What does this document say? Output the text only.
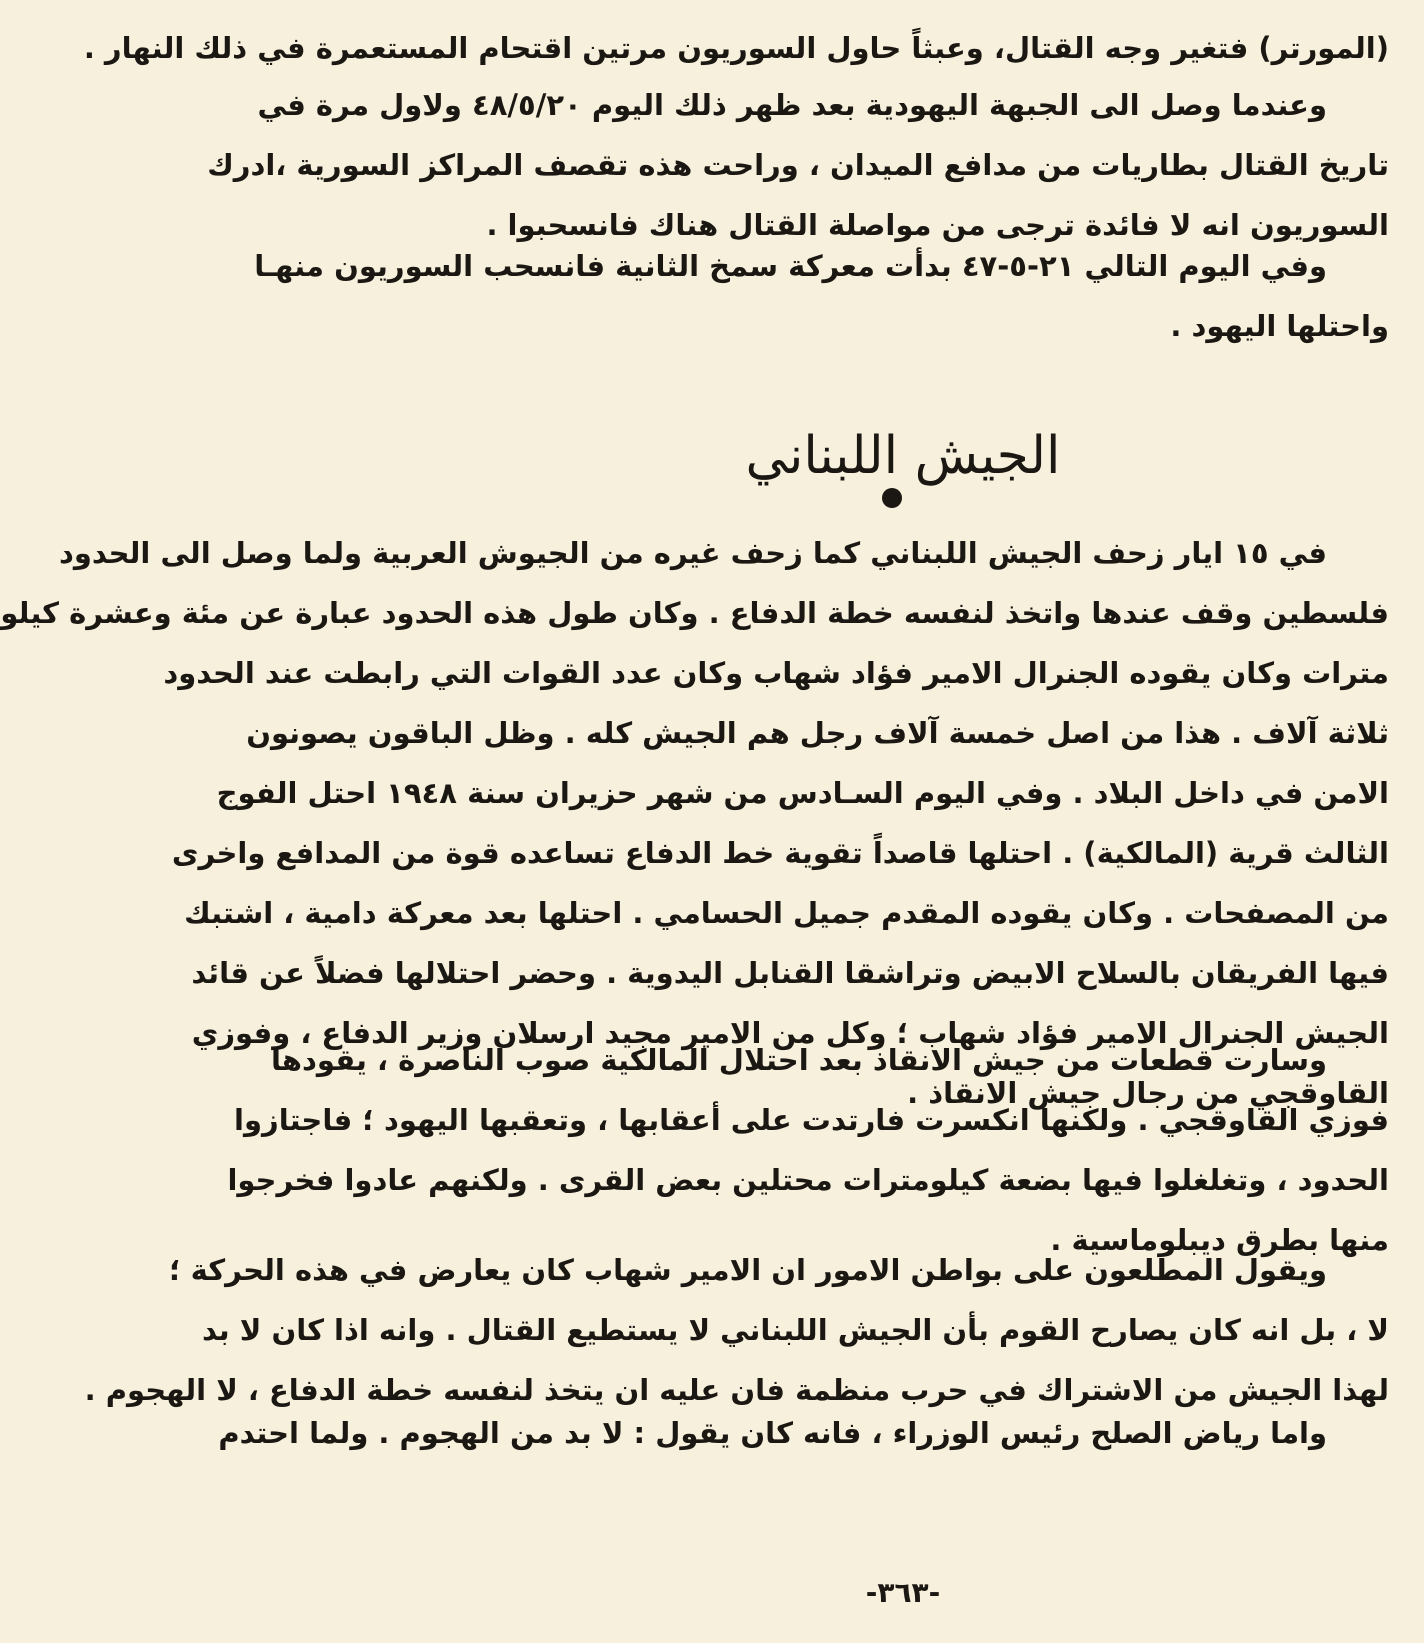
(المورتر) فتغير وجه القتال، وعبثاً حاول السوريون مرتين اقتحام المستعمرة في ذلك النهار .
وعندما وصل الى الجبهة اليهودية بعد ظهر ذلك اليوم ٤٨/٥/٢٠ ولاول مرة في
تاريخ القتال بطاريات من مدافع الميدان ، وراحت هذه تقصف المراكز السورية ،ادرك
السوريون انه لا فائدة ترجى من مواصلة القتال هناك فانسحبوا .
وفي اليوم التالي ٢١-٥-٤٧ بدأت معركة سمخ الثانية فانسحب السوريون منهـا
واحتلها اليهود .
الجيش اللبناني
في ١٥ ايار زحف الجيش اللبناني كما زحف غيره من الجيوش العربية ولما وصل الى الحدود
فلسطين وقف عندها واتخذ لنفسه خطة الدفاع . وكان طول هذه الحدود عبارة عن مئة وعشرة كيلو
مترات وكان يقوده الجنرال الامير فؤاد شهاب وكان عدد القوات التي رابطت عند الحدود
ثلاثة آلاف . هذا من اصل خمسة آلاف رجل هم الجيش كله . وظل الباقون يصونون
الامن في داخل البلاد . وفي اليوم السـادس من شهر حزيران سنة ١٩٤٨ احتل الفوج
الثالث قرية (المالكية) . احتلها قاصداً تقوية خط الدفاع تساعده قوة من المدافع واخرى
من المصفحات . وكان يقوده المقدم جميل الحسامي . احتلها بعد معركة دامية ، اشتبك
فيها الفريقان بالسلاح الابيض وتراشقا القنابل اليدوية . وحضر احتلالها فضلاً عن قائد
الجيش الجنرال الامير فؤاد شهاب ؛ وكل من الامير مجيد ارسلان وزير الدفاع ، وفوزي
القاوقجي من رجال جيش الانقاذ .
وسارت قطعات من جيش الانقاذ بعد احتلال المالكية صوب الناصرة ، يقودها
فوزي القاوقجي . ولكنها انكسرت فارتدت على أعقابها ، وتعقبها اليهود ؛ فاجتازوا
الحدود ، وتغلغلوا فيها بضعة كيلومترات محتلين بعض القرى . ولكنهم عادوا فخرجوا
منها بطرق ديبلوماسية .
ويقول المطلعون على بواطن الامور ان الامير شهاب كان يعارض في هذه الحركة ؛
لا ، بل انه كان يصارح القوم بأن الجيش اللبناني لا يستطيع القتال . وانه اذا كان لا بد
لهذا الجيش من الاشتراك في حرب منظمة فان عليه ان يتخذ لنفسه خطة الدفاع ، لا الهجوم .
واما رياض الصلح رئيس الوزراء ، فانه كان يقول : لا بد من الهجوم . ولما احتدم
-٣٦٣-
